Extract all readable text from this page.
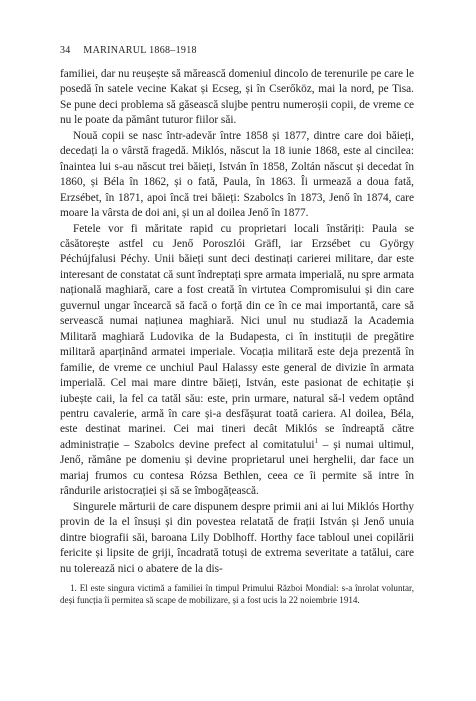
34 MARINARUL 1868–1918

familiei, dar nu reușește să mărească domeniul dincolo de terenurile pe care le posedă în satele vecine Kakat și Ecseg, și în Cserőköz, mai la nord, pe Tisa. Se pune deci problema să găsească slujbe pentru numeroșii copii, de vreme ce nu le poate da pământ tuturor fiilor săi.

Nouă copii se nasc într-adevăr între 1858 și 1877, dintre care doi băieți, decedați la o vârstă fragedă. Miklós, născut la 18 iunie 1868, este al cincilea: înaintea lui s-au născut trei băieți, István în 1858, Zoltán născut și decedat în 1860, și Béla în 1862, și o fată, Paula, în 1863. Îi urmează a doua fată, Erzsébet, în 1871, apoi încă trei băieți: Szabolcs în 1873, Jenő în 1874, care moare la vârsta de doi ani, și un al doilea Jenő în 1877.

Fetele vor fi măritate rapid cu proprietari locali înstăriți: Paula se căsătorește astfel cu Jenő Poroszlói Gräfl, iar Erzsébet cu György Péchújfalusi Péchy. Unii băieți sunt deci destinați carierei militare, dar este interesant de constatat că sunt îndreptați spre armata imperială, nu spre armata națională maghiară, care a fost creată în virtutea Compromisului și din care guvernul ungar încearcă să facă o forță din ce în ce mai importantă, care să servească numai națiunea maghiară. Nici unul nu studiază la Academia Militară maghiară Ludovika de la Budapesta, ci în instituții de pregătire militară aparținând armatei imperiale. Vocația militară este deja prezentă în familie, de vreme ce unchiul Paul Halassy este general de divizie în armata imperială. Cel mai mare dintre băieți, István, este pasionat de echitație și iubește caii, la fel ca tatăl său: este, prin urmare, natural să-l vedem optând pentru cavalerie, armă în care și-a desfășurat toată cariera. Al doilea, Béla, este destinat marinei. Cei mai tineri decât Miklós se îndreaptă către administrație – Szabolcs devine prefect al comitatului$^1$ – și numai ultimul, Jenő, rămâne pe domeniu și devine proprietarul unei herghelii, dar face un mariaj frumos cu contesa Rózsa Bethlen, ceea ce îi permite să intre în rândurile aristocrației și să se îmbogățească.

Singurele mărturii de care dispunem despre primii ani ai lui Miklós Horthy provin de la el însuși și din povestea relatată de frații István și Jenő unuia dintre biografii săi, baroana Lily Doblhoff. Horthy face tabloul unei copilării fericite și lipsite de griji, încadrată totuși de extrema severitate a tatălui, care nu tolerează nici o abatere de la dis-

1. El este singura victimă a familiei în timpul Primului Război Mondial: s-a înrolat voluntar, deși funcția îi permitea să scape de mobilizare, și a fost ucis la 22 noiembrie 1914.
